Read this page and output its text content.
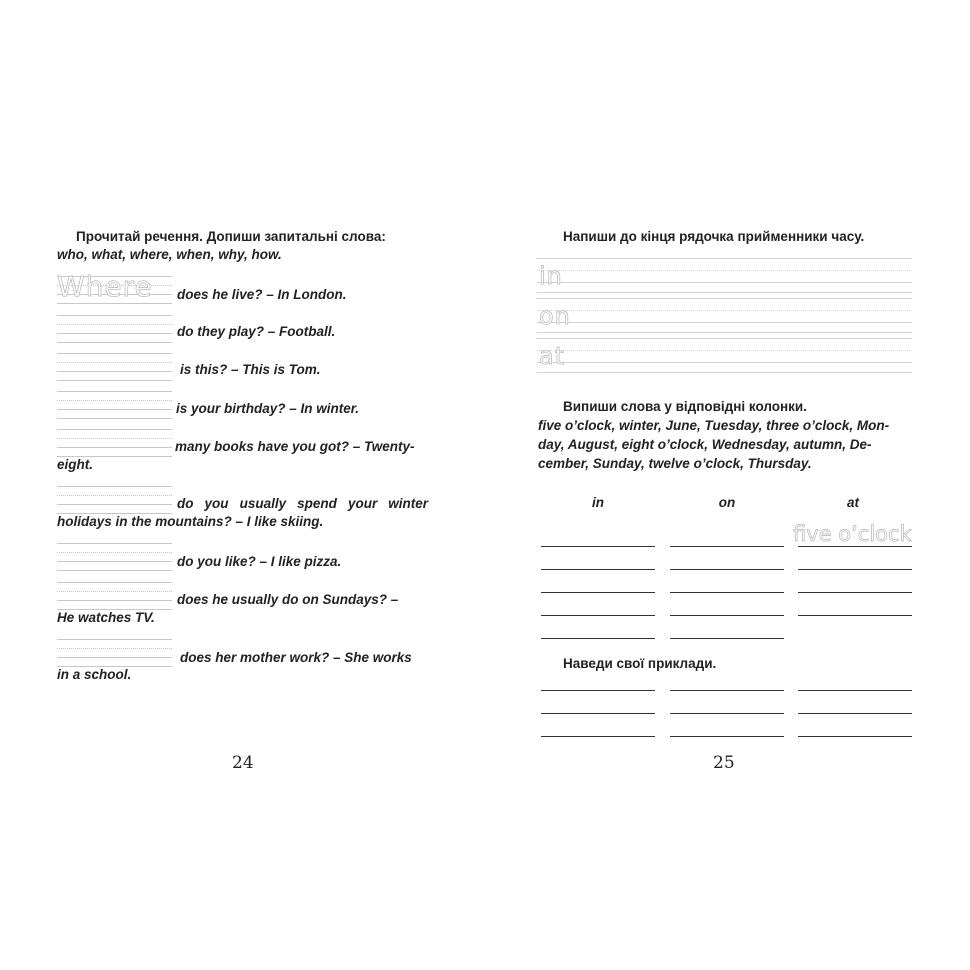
Прочитай речення. Допиши запитальні слова:
who, what, where, when, why, how.
Where does he live? – In London.
do they play? – Football.
is this? – This is Tom.
is your birthday? – In winter.
many books have you got? – Twenty-
eight.
do you usually spend your winter
holidays in the mountains? – I like skiing.
do you like? – I like pizza.
does he usually do on Sundays? –
He watches TV.
does her mother work? – She works
in a school.
24
Напиши до кінця рядочка прийменники часу.
in
on
at
Випиши слова у відповідні колонки.
five o’clock, winter, June, Tuesday, three o’clock, Mon-
day, August, eight o’clock, Wednesday, autumn, De-
cember, Sunday, twelve o’clock, Thursday.
in	on	at
five o’clock
Наведи свої приклади.
25
